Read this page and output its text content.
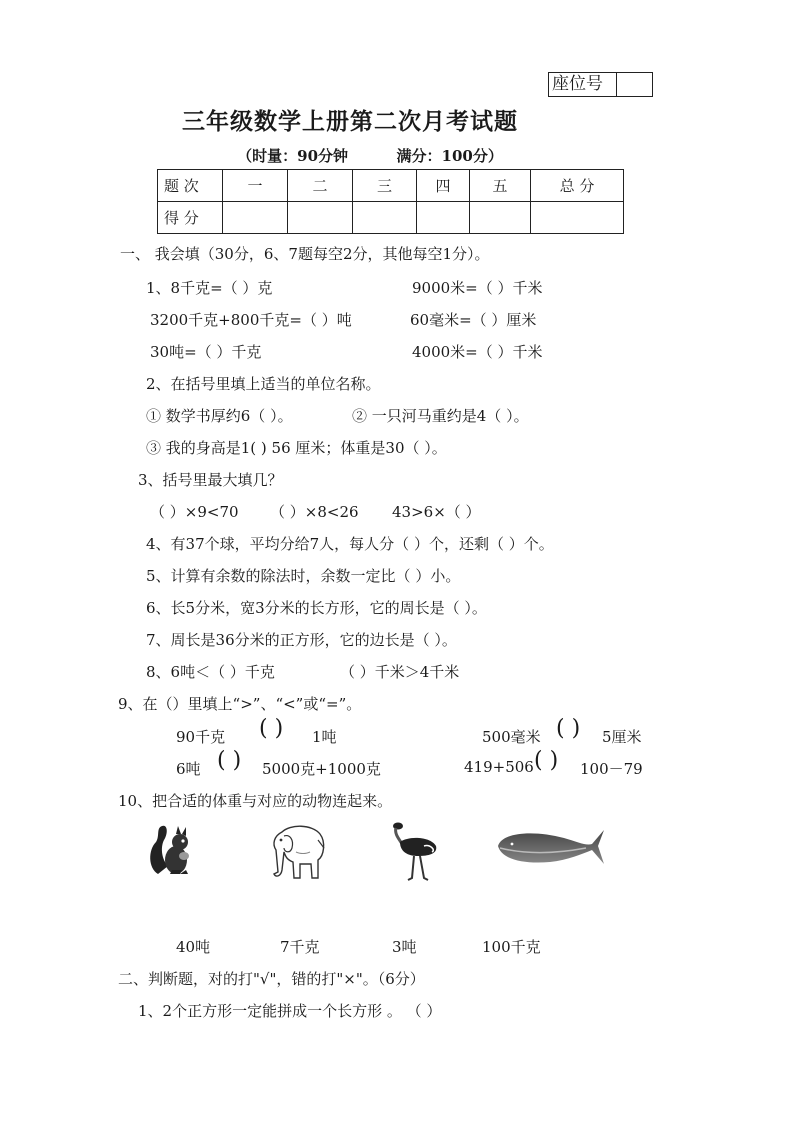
座位号
三年级数学上册第二次月考试题
（时量：90分钟	满分：100分）
题 次	一	二	三	四	五	总 分
得 分						
一、 我会填（30分，6、7题每空2分，其他每空1分）。
1、8千克=（ ）克	9000米=（ ）千米
3200千克+800千克=（ ）吨	60毫米=（ ）厘米
30吨=（ ）千克	4000米=（ ）千米
2、在括号里填上适当的单位名称。
① 数学书厚约6（ ）。	② 一只河马重约是4（ ）。
③ 我的身高是1( ) 56 厘米；体重是30（ ）。
3、括号里最大填几？
（ ）×9<70 （ ）×8<26 43>6×（ ）
4、有37个球，平均分给7人，每人分（ ）个，还剩（ ）个。
5、计算有余数的除法时，余数一定比（ ）小。
6、长5分米，宽3分米的长方形，它的周长是（ ）。
7、周长是36分米的正方形，它的边长是（ ）。
8、6吨＜（ ）千克	（ ）千米＞4千米
9、在（）里填上“>”、“<”或“=”。
90千克 ( ) 1吨	500毫米 ( ) 5厘米
6吨 ( ) 5000克+1000克	419+506 ( ) 100－79
10、把合适的体重与对应的动物连起来。
40吨	7千克	3吨	100千克
二、判断题，对的打"√"，错的打"×"。（6分）
1、2个正方形一定能拼成一个长方形 。 （ ）
